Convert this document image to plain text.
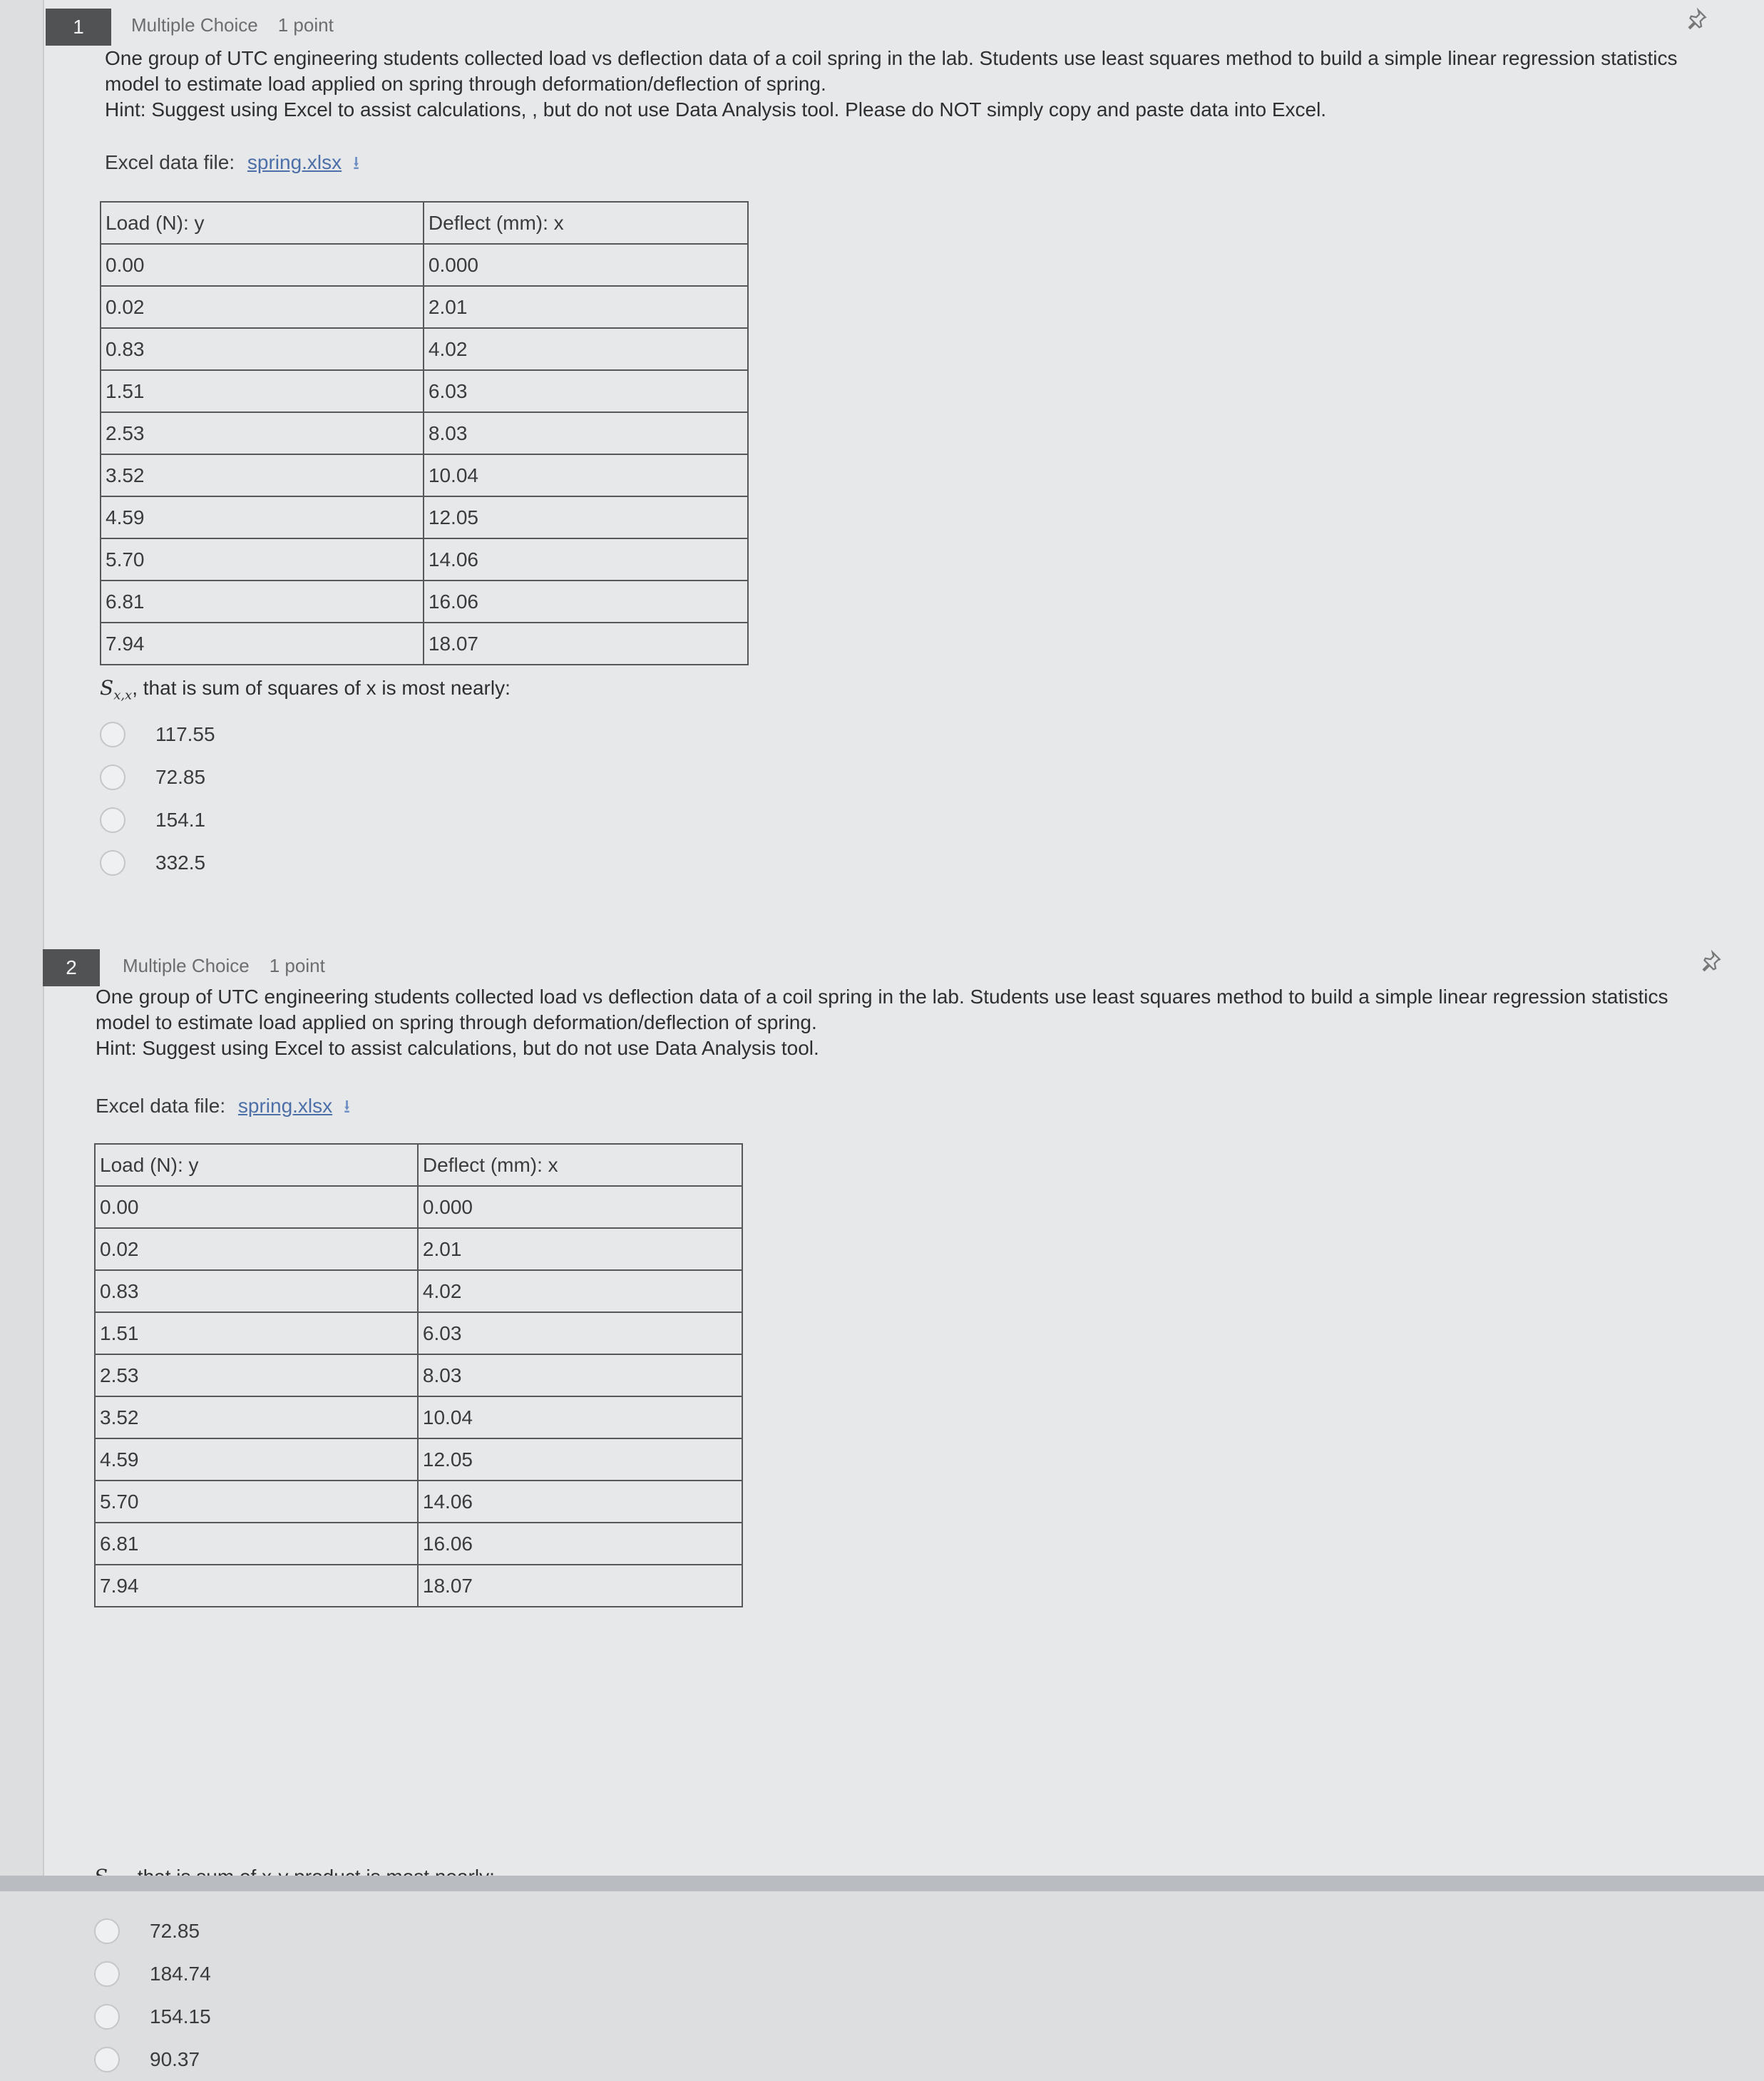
1	Multiple Choice 1 point

One group of UTC engineering students collected load vs deflection data of a coil spring in the lab. Students use least squares method to build a simple linear regression statistics

model to estimate load applied on spring through deformation/deflection of spring.

Hint: Suggest using Excel to assist calculations, , but do not use Data Analysis tool. Please do NOT simply copy and paste data into Excel.

Excel data file: spring.xlsx ⭳
Load (N): y	Deflect (mm): x
0.00	0.000
0.02	2.01
0.83	4.02
1.51	6.03
2.53	8.03
3.52	10.04
4.59	12.05
5.70	14.06
6.81	16.06
7.94	18.07
$S_{x,x}$, that is sum of squares of x is most nearly:
117.55
72.85
154.1
332.5
2	Multiple Choice 1 point

One group of UTC engineering students collected load vs deflection data of a coil spring in the lab. Students use least squares method to build a simple linear regression statistics

model to estimate load applied on spring through deformation/deflection of spring.

Hint: Suggest using Excel to assist calculations, but do not use Data Analysis tool.

Excel data file: spring.xlsx ⭳
Load (N): y	Deflect (mm): x
0.00	0.000
0.02	2.01
0.83	4.02
1.51	6.03
2.53	8.03
3.52	10.04
4.59	12.05
5.70	14.06
6.81	16.06
7.94	18.07
72.85
184.74
154.15
90.37
